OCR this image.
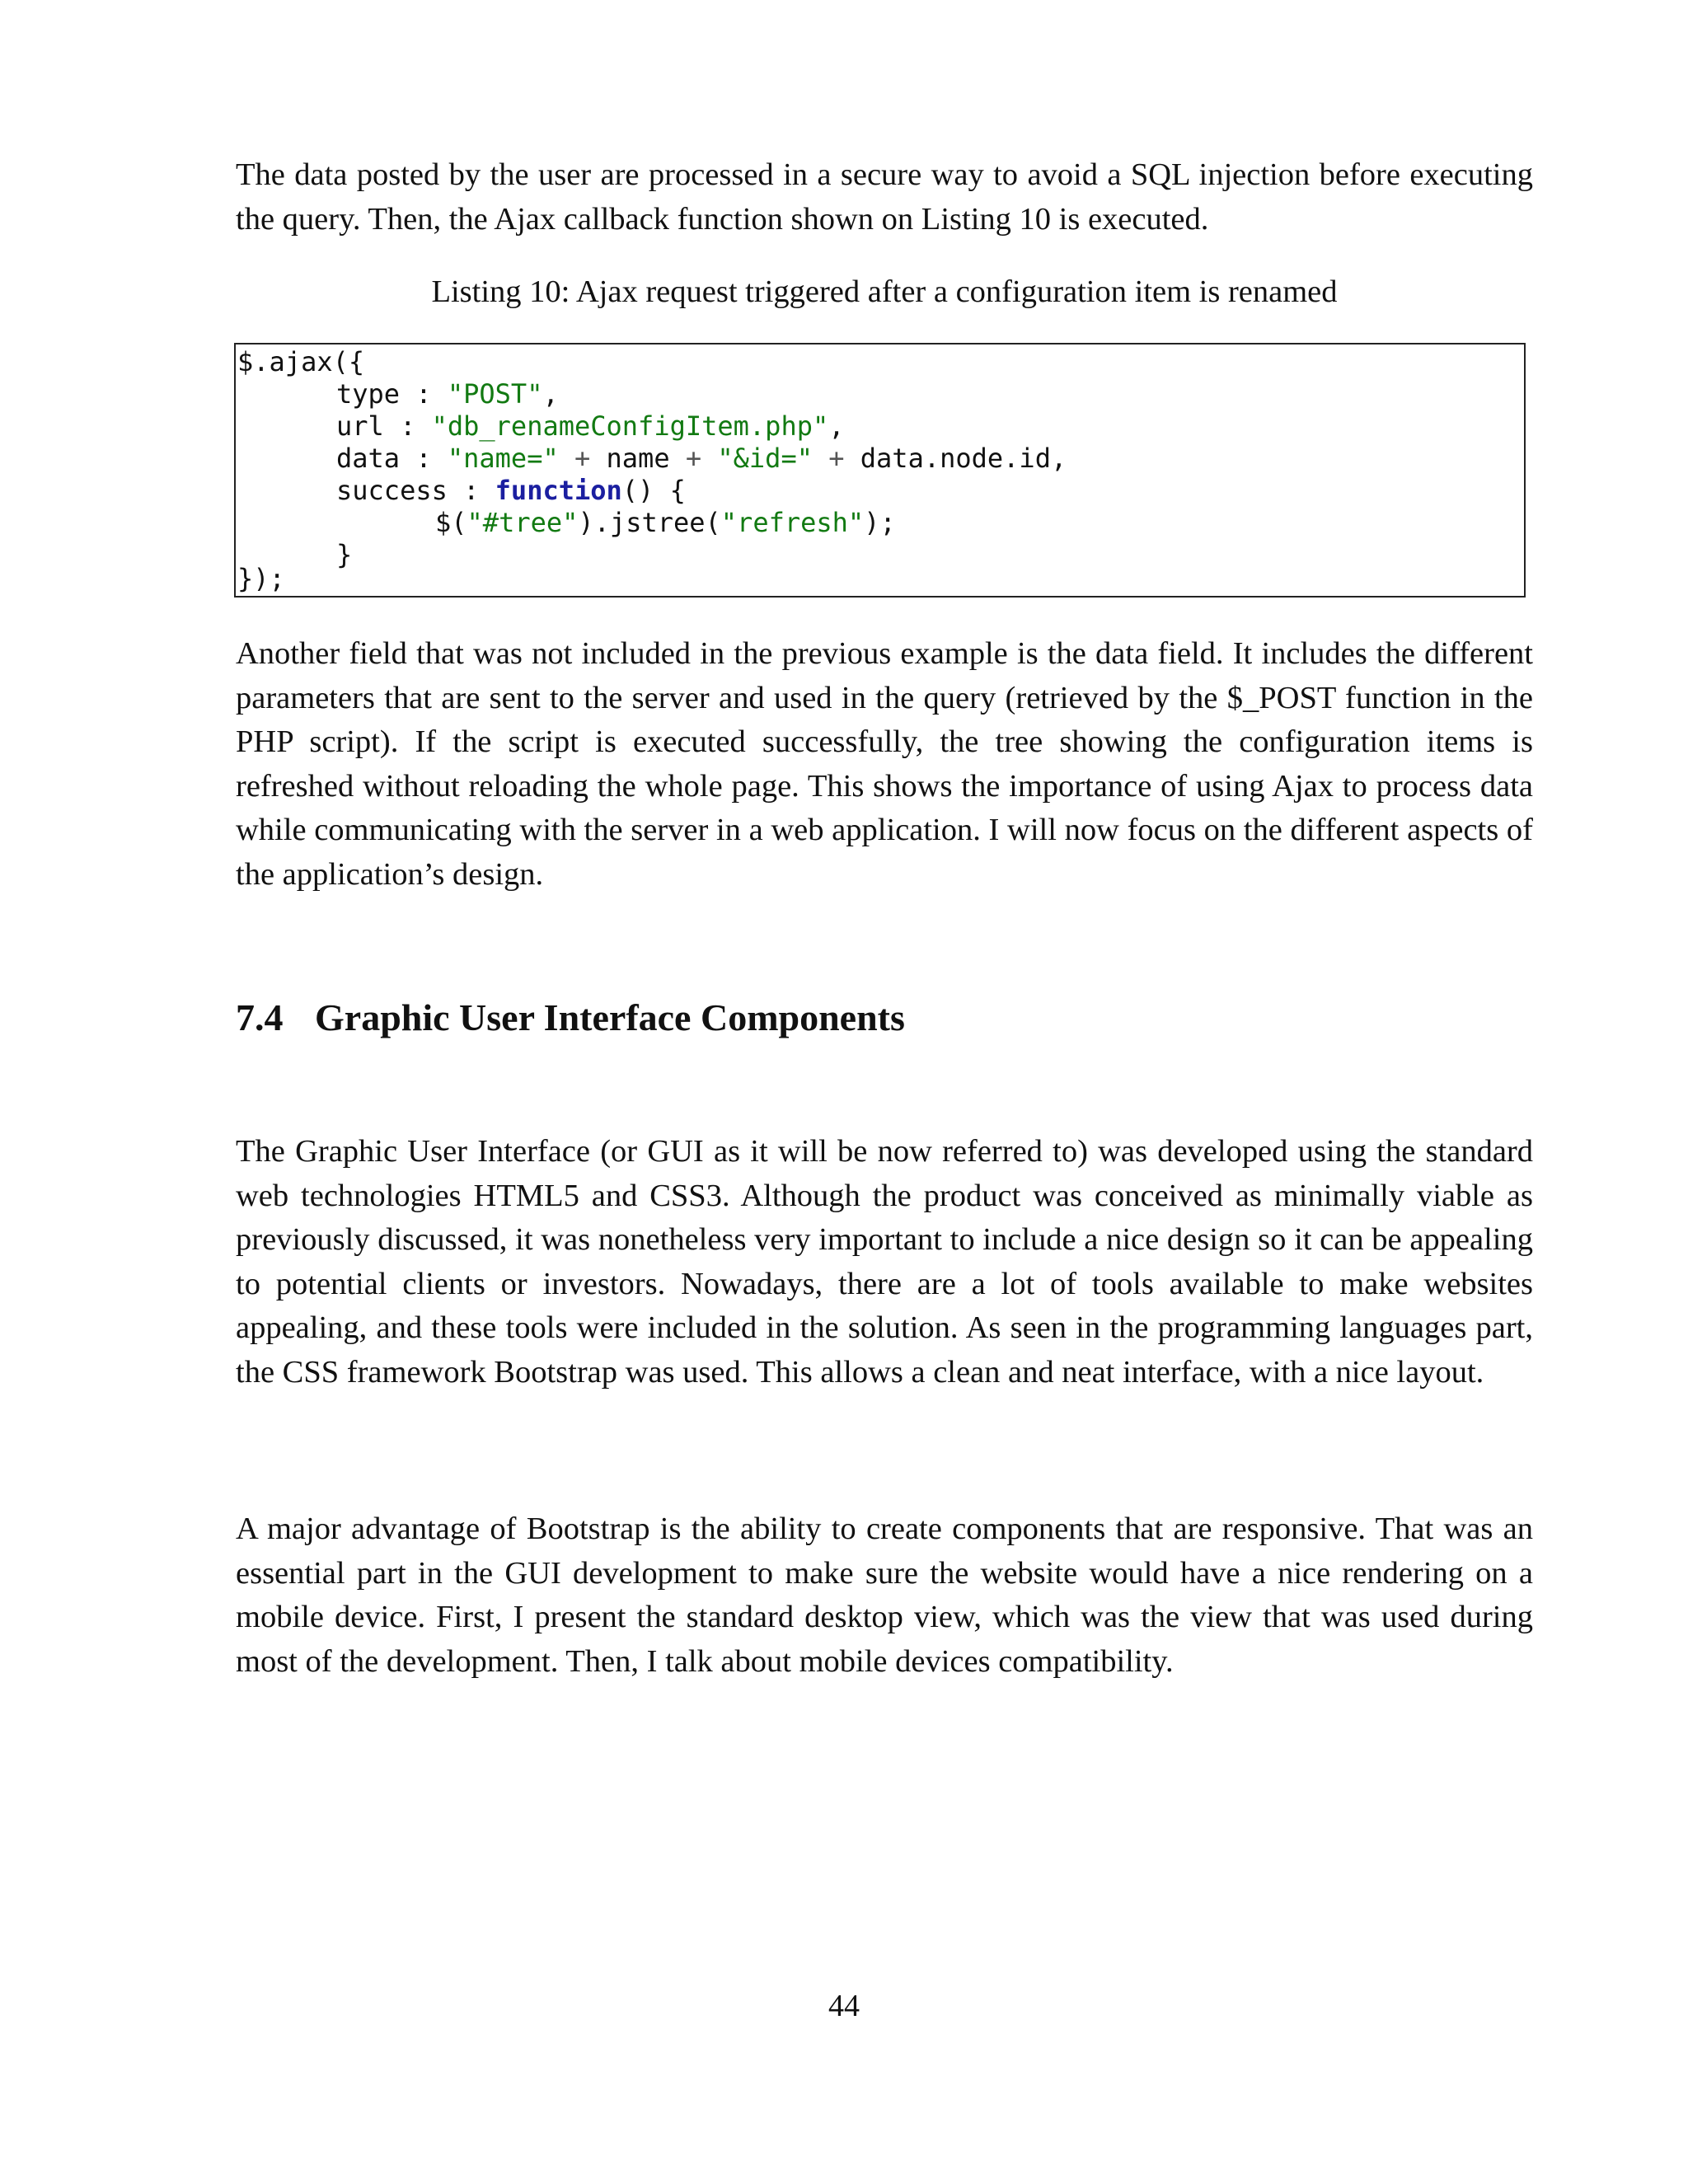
The data posted by the user are processed in a secure way to avoid a SQL injection before executing the query. Then, the Ajax callback function shown on Listing 10 is executed.

Listing 10: Ajax request triggered after a configuration item is renamed
$.ajax({
type : "POST",
url : "db_renameConfigItem.php",
data : "name=" + name + "&id=" + data.node.id,
success : function() {
$("#tree").jstree("refresh");
}
});

Another field that was not included in the previous example is the data field. It includes the different parameters that are sent to the server and used in the query (retrieved by the $_POST function in the PHP script). If the script is executed successfully, the tree showing the configuration items is refreshed without reloading the whole page. This shows the importance of using Ajax to process data while communicating with the server in a web application. I will now focus on the different aspects of the application’s design.

7.4 Graphic User Interface Components

The Graphic User Interface (or GUI as it will be now referred to) was developed using the standard web technologies HTML5 and CSS3. Although the product was conceived as minimally viable as previously discussed, it was nonetheless very important to include a nice design so it can be appealing to potential clients or investors. Nowadays, there are a lot of tools available to make websites appealing, and these tools were included in the solution. As seen in the programming languages part, the CSS framework Bootstrap was used. This allows a clean and neat interface, with a nice layout.

A major advantage of Bootstrap is the ability to create components that are responsive. That was an essential part in the GUI development to make sure the website would have a nice rendering on a mobile device. First, I present the standard desktop view, which was the view that was used during most of the development. Then, I talk about mobile devices compatibility.

44
